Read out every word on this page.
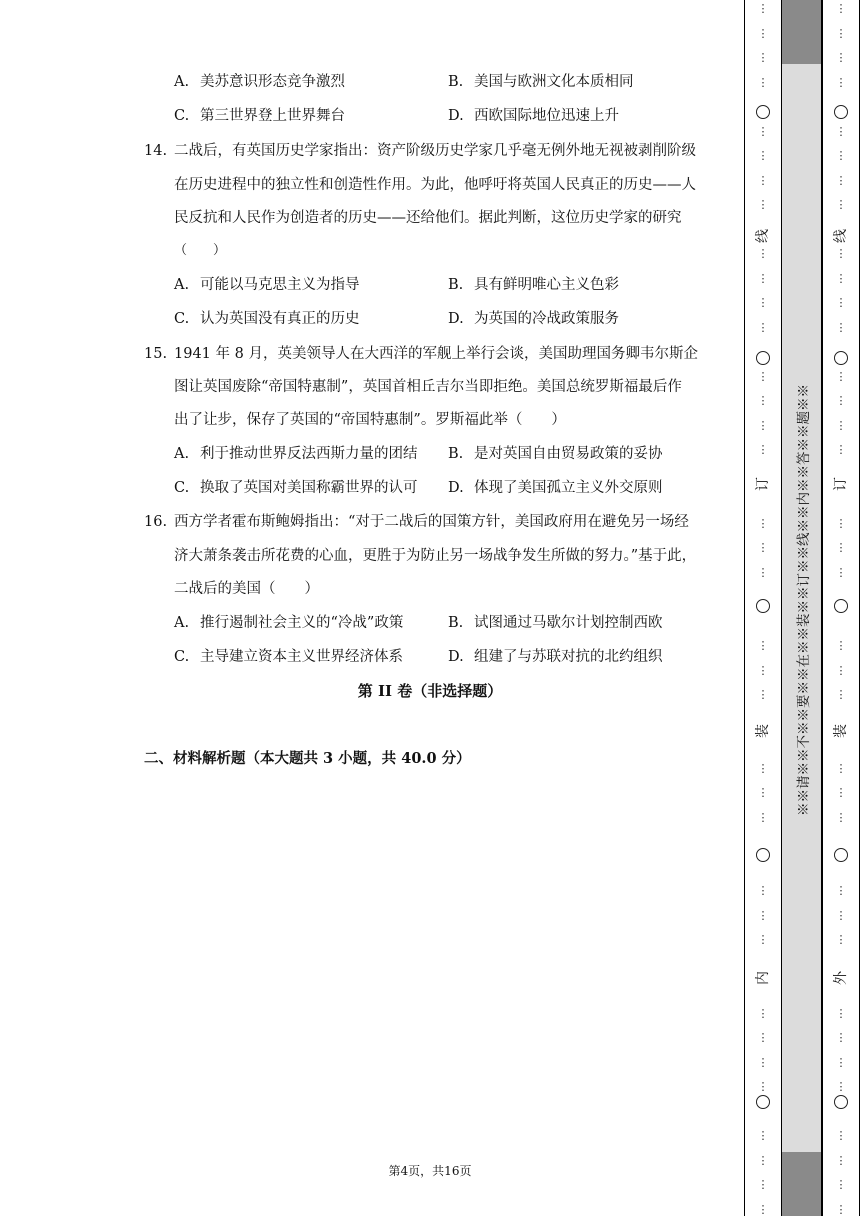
A. 美苏意识形态竞争激烈	B. 美国与欧洲文化本质相同
C. 第三世界登上世界舞台	D. 西欧国际地位迅速上升
14. 二战后，有英国历史学家指出：资产阶级历史学家几乎毫无例外地无视被剥削阶级
在历史进程中的独立性和创造性作用。为此，他呼吁将英国人民真正的历史——人
民反抗和人民作为创造者的历史——还给他们。据此判断，这位历史学家的研究
（　　）
A. 可能以马克思主义为指导	B. 具有鲜明唯心主义色彩
C. 认为英国没有真正的历史	D. 为英国的冷战政策服务
15. 1941 年 8 月，英美领导人在大西洋的军舰上举行会谈，美国助理国务卿韦尔斯企
图让英国废除“帝国特惠制”，英国首相丘吉尔当即拒绝。美国总统罗斯福最后作
出了让步，保存了英国的“帝国特惠制”。罗斯福此举（　　）
A. 利于推动世界反法西斯力量的团结 B. 是对英国自由贸易政策的妥协
C. 换取了英国对美国称霸世界的认可 D. 体现了美国孤立主义外交原则
16. 西方学者霍布斯鲍姆指出：“对于二战后的国策方针，美国政府用在避免另一场经
济大萧条袭击所花费的心血，更胜于为防止另一场战争发生所做的努力。”基于此，
二战后的美国（　　）
A. 推行遏制社会主义的“冷战”政策	B. 试图通过马歇尔计划控制西欧
C. 主导建立资本主义世界经济体系	D. 组建了与苏联对抗的北约组织
第 II 卷（非选择题）
二、材料解析题（本大题共 3 小题，共 40.0 分）
第4页，共16页
⋮
⋮
⋮
⋮
⋮
⋮
⋮
⋮
⋮
⋮
⋮
⋮
⋮
⋮
⋮
⋮
⋮
⋮
⋮
⋮
⋮
⋮
⋮
⋮
⋮
⋮
⋮
⋮
⋮
⋮
⋮
⋮
⋮
⋮
⋮
⋮
线
订
装
内
※※请※※不※※要※※在※※装※※订※※线※※内※※答※※题※※
⋮
⋮
⋮
⋮
⋮
⋮
⋮
⋮
⋮
⋮
⋮
⋮
⋮
⋮
⋮
⋮
⋮
⋮
⋮
⋮
⋮
⋮
⋮
⋮
⋮
⋮
⋮
⋮
⋮
⋮
⋮
⋮
⋮
⋮
⋮
⋮
线
订
装
外
